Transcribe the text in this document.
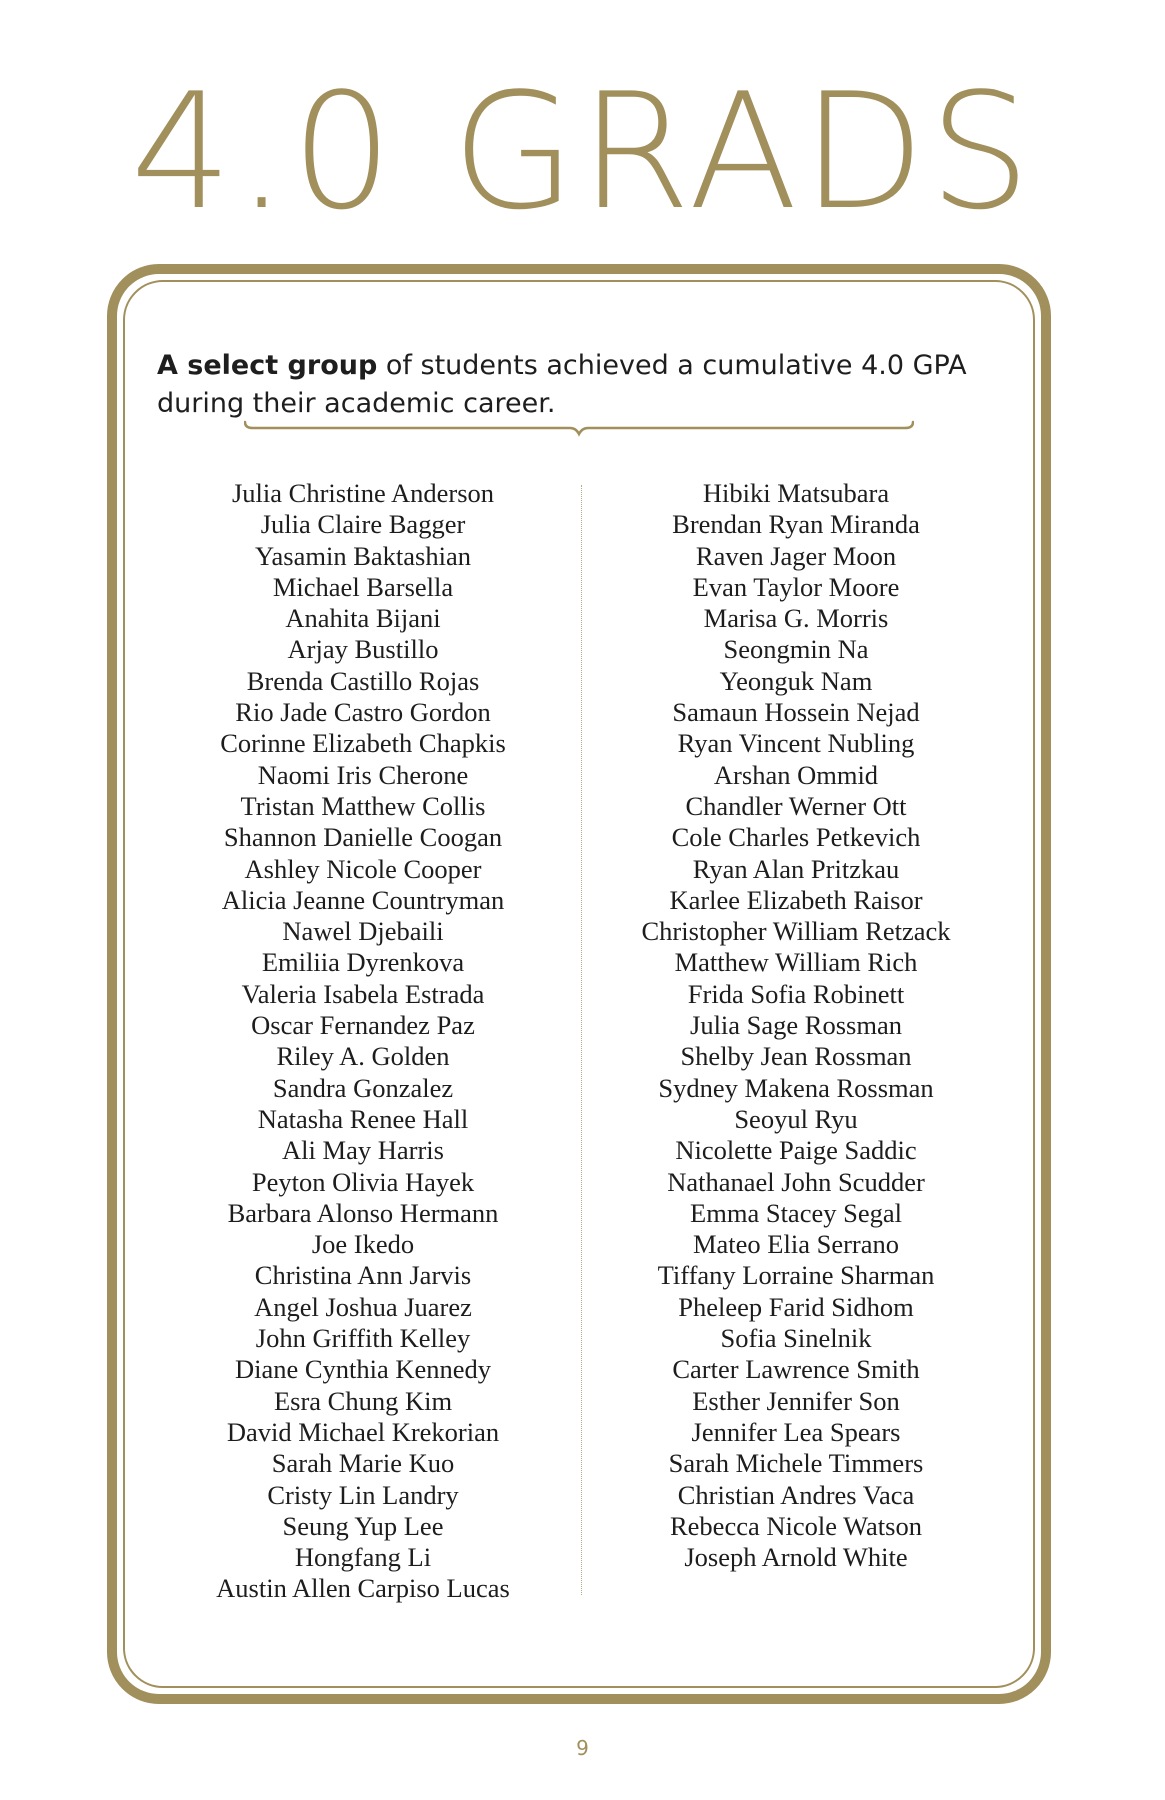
4.0 GRADS

A select group of students achieved a cumulative 4.0 GPA during their academic career.

Julia Christine Anderson
Julia Claire Bagger
Yasamin Baktashian
Michael Barsella
Anahita Bijani
Arjay Bustillo
Brenda Castillo Rojas
Rio Jade Castro Gordon
Corinne Elizabeth Chapkis
Naomi Iris Cherone
Tristan Matthew Collis
Shannon Danielle Coogan
Ashley Nicole Cooper
Alicia Jeanne Countryman
Nawel Djebaili
Emiliia Dyrenkova
Valeria Isabela Estrada
Oscar Fernandez Paz
Riley A. Golden
Sandra Gonzalez
Natasha Renee Hall
Ali May Harris
Peyton Olivia Hayek
Barbara Alonso Hermann
Joe Ikedo
Christina Ann Jarvis
Angel Joshua Juarez
John Griffith Kelley
Diane Cynthia Kennedy
Esra Chung Kim
David Michael Krekorian
Sarah Marie Kuo
Cristy Lin Landry
Seung Yup Lee
Hongfang Li
Austin Allen Carpiso Lucas
Hibiki Matsubara
Brendan Ryan Miranda
Raven Jager Moon
Evan Taylor Moore
Marisa G. Morris
Seongmin Na
Yeonguk Nam
Samaun Hossein Nejad
Ryan Vincent Nubling
Arshan Ommid
Chandler Werner Ott
Cole Charles Petkevich
Ryan Alan Pritzkau
Karlee Elizabeth Raisor
Christopher William Retzack
Matthew William Rich
Frida Sofia Robinett
Julia Sage Rossman
Shelby Jean Rossman
Sydney Makena Rossman
Seoyul Ryu
Nicolette Paige Saddic
Nathanael John Scudder
Emma Stacey Segal
Mateo Elia Serrano
Tiffany Lorraine Sharman
Pheleep Farid Sidhom
Sofia Sinelnik
Carter Lawrence Smith
Esther Jennifer Son
Jennifer Lea Spears
Sarah Michele Timmers
Christian Andres Vaca
Rebecca Nicole Watson
Joseph Arnold White
9
